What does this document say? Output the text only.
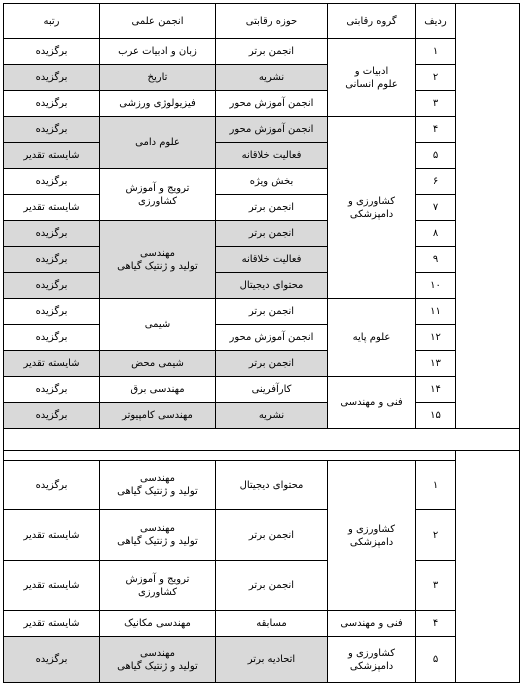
	ردیف	گروه رقابتی	حوزه رقابتی	انجمن علمی	رتبه
	۱	ادبیات و
علوم انسانی	انجمن برتر	زبان و ادبیات عرب	برگزیده
	۲		نشریه	تاریخ	برگزیده
	۳		انجمن آموزش محور	فیزیولوژی ورزشی	برگزیده
	۴	کشاورزی و
دامپزشکی	انجمن آموزش محور	علوم دامی	برگزیده
	۵		فعالیت خلاقانه		شایسته تقدیر
	۶		بخش ویژه	ترویج و آموزش
کشاورزی	برگزیده
	۷		انجمن برتر		شایسته تقدیر
	۸		انجمن برتر	مهندسی
تولید و ژنتیک گیاهی	برگزیده
	۹		فعالیت خلاقانه		برگزیده
	۱۰		محتوای دیجیتال		برگزیده
	۱۱	علوم پایه	انجمن برتر	شیمی	برگزیده
	۱۲		انجمن آموزش محور		برگزیده
	۱۳		انجمن برتر	شیمی محض	شایسته تقدیر
	۱۴	فنی و مهندسی	کارآفرینی	مهندسی برق	برگزیده
	۱۵		نشریه	مهندسی کامپیوتر	برگزیده

	۱	کشاورزی و
دامپزشکی	محتوای دیجیتال	مهندسی
تولید و ژنتیک گیاهی	برگزیده
	۲		انجمن برتر	مهندسی
تولید و ژنتیک گیاهی	شایسته تقدیر
	۳		انجمن برتر	ترویج و آموزش
کشاورزی	شایسته تقدیر
	۴	فنی و مهندسی	مسابقه	مهندسی مکانیک	شایسته تقدیر
	۵	کشاورزی و
دامپزشکی	اتحادیه برتر	مهندسی
تولید و ژنتیک گیاهی	برگزیده
